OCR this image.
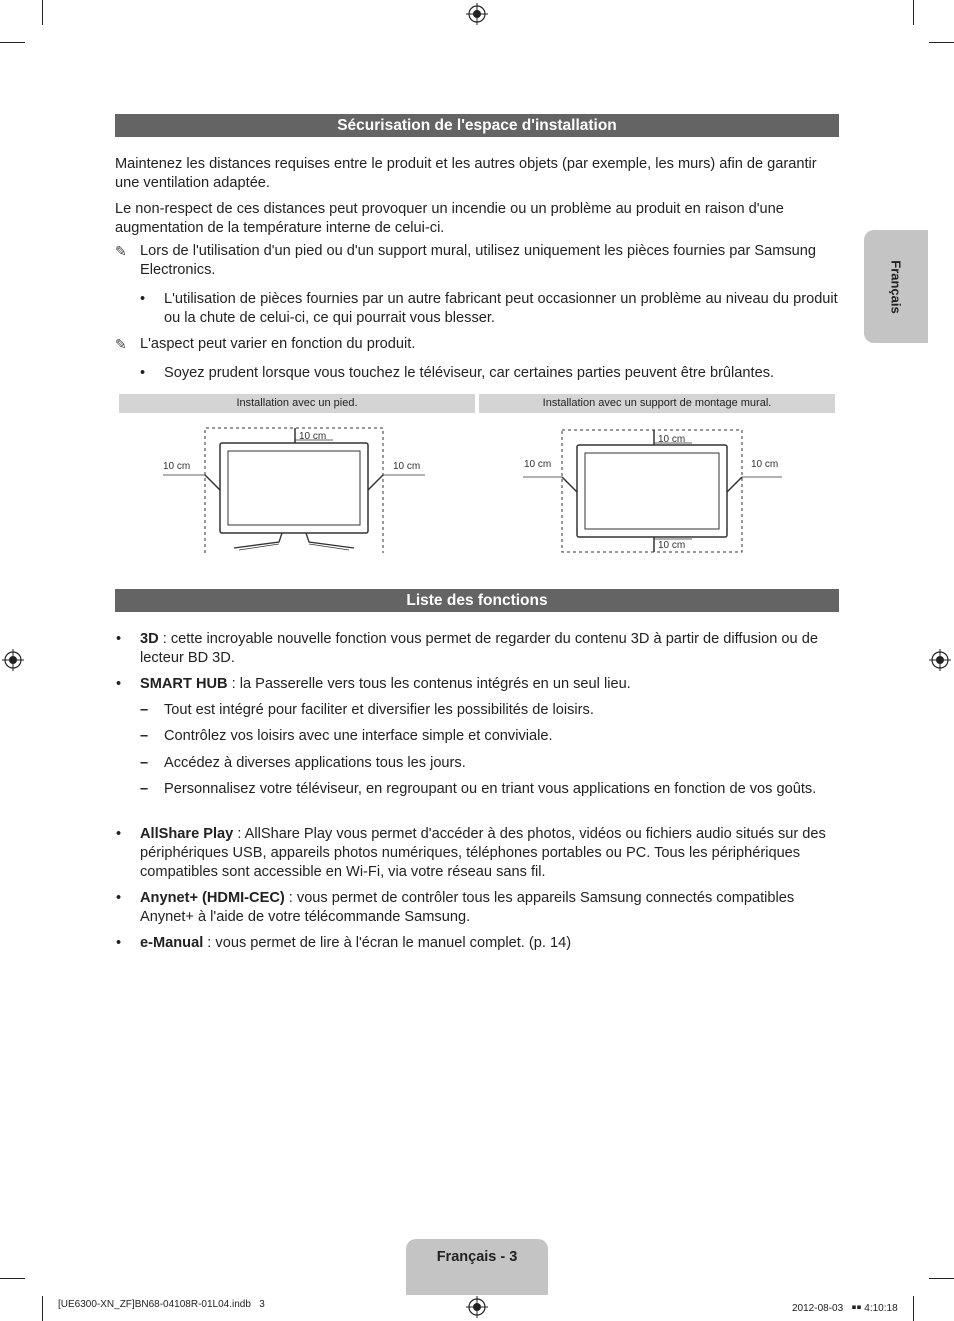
Français
Sécurisation de l'espace d'installation

Maintenez les distances requises entre le produit et les autres objets (par exemple, les murs) afin de garantir une ventilation adaptée.

Le non-respect de ces distances peut provoquer un incendie ou un problème au produit en raison d'une augmentation de la température interne de celui-ci.

✎ Lors de l'utilisation d'un pied ou d'un support mural, utilisez uniquement les pièces fournies par Samsung Electronics.
• L'utilisation de pièces fournies par un autre fabricant peut occasionner un problème au niveau du produit ou la chute de celui-ci, ce qui pourrait vous blesser.
✎ L'aspect peut varier en fonction du produit.
• Soyez prudent lorsque vous touchez le téléviseur, car certaines parties peuvent être brûlantes.
Installation avec un pied.	Installation avec un support de montage mural.
10 cm
10 cm	10 cm
10 cm
10 cm
10 cm	10 cm
Liste des fonctions
• 3D : cette incroyable nouvelle fonction vous permet de regarder du contenu 3D à partir de diffusion ou de lecteur BD 3D.
• SMART HUB : la Passerelle vers tous les contenus intégrés en un seul lieu.
– Tout est intégré pour faciliter et diversifier les possibilités de loisirs.
– Contrôlez vos loisirs avec une interface simple et conviviale.
– Accédez à diverses applications tous les jours.
– Personnalisez votre téléviseur, en regroupant ou en triant vous applications en fonction de vos goûts.
• AllShare Play : AllShare Play vous permet d'accéder à des photos, vidéos ou fichiers audio situés sur des périphériques USB, appareils photos numériques, téléphones portables ou PC. Tous les périphériques compatibles sont accessible en Wi-Fi, via votre réseau sans fil.
• Anynet+ (HDMI-CEC) : vous permet de contrôler tous les appareils Samsung connectés compatibles Anynet+ à l'aide de votre télécommande Samsung.
• e-Manual : vous permet de lire à l'écran le manuel complet. (p. 14)
Français - 3
[UE6300-XN_ZF]BN68-04108R-01L04.indb   3	2012-08-03   ￭￭ 4:10:18
